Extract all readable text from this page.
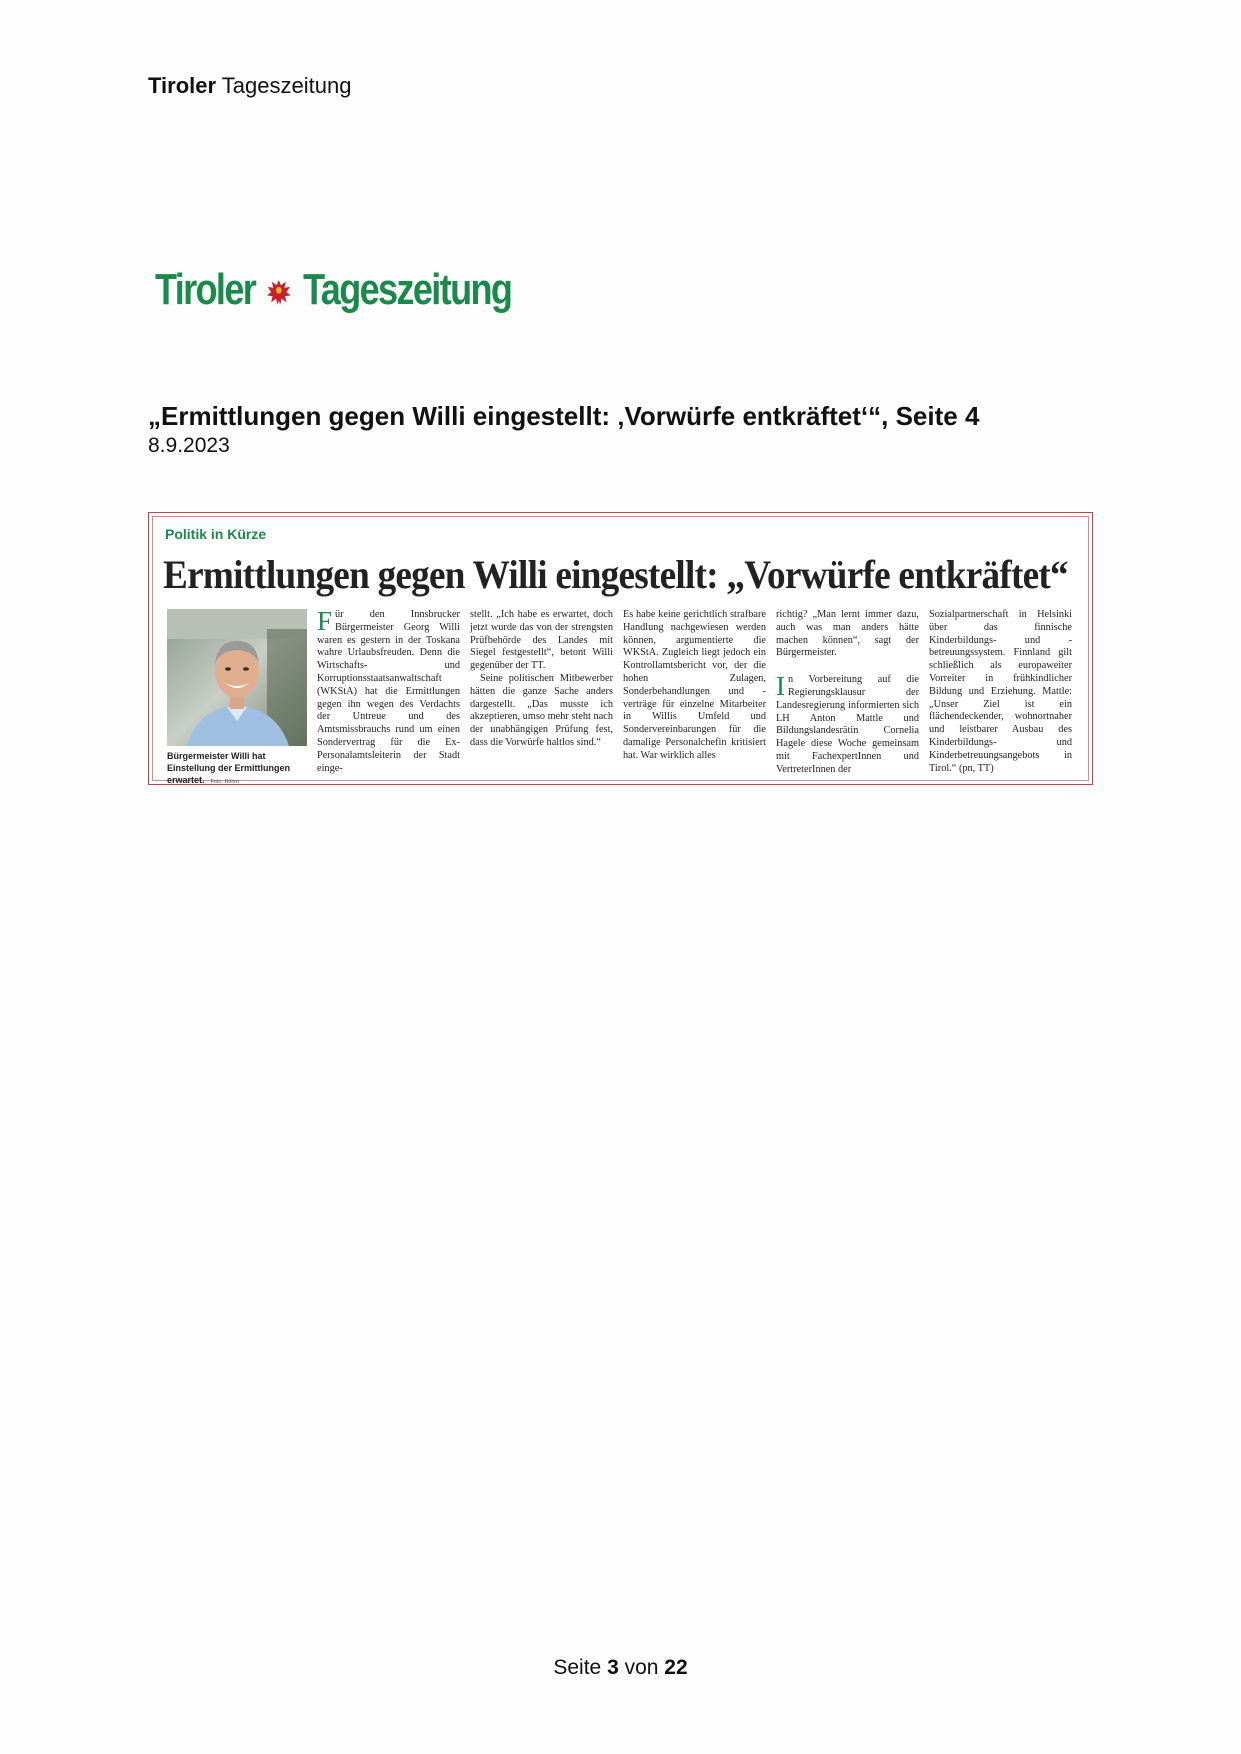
Tiroler Tageszeitung
Tiroler Tageszeitung
„Ermittlungen gegen Willi eingestellt: ‚Vorwürfe entkräftet‘“, Seite 4
8.9.2023
Politik in Kürze
Ermittlungen gegen Willi eingestellt: „Vorwürfe entkräftet“
Bürgermeister Willi hat Einstellung der Ermittlungen erwartet. Foto: Böhm

Für den Innsbrucker Bürgermeister Georg Willi waren es gestern in der Toskana wahre Urlaubsfreuden. Denn die Wirtschafts- und Korruptionsstaatsanwaltschaft (WKStA) hat die Ermittlungen gegen ihn wegen des Verdachts der Untreue und des Amtsmissbrauchs rund um einen Sondervertrag für die Ex-Personalamtsleiterin der Stadt einge-

stellt. „Ich habe es erwartet, doch jetzt wurde das von der strengsten Prüfbehörde des Landes mit Siegel festgestellt“, betont Willi gegenüber der TT.

Seine politischen Mitbewerber hätten die ganze Sache anders dargestellt. „Das musste ich akzeptieren, umso mehr steht nach der unabhängigen Prüfung fest, dass die Vorwürfe haltlos sind.“

Es habe keine gerichtlich strafbare Handlung nachgewiesen werden können, argumentierte die WKStA. Zugleich liegt jedoch ein Kontrollamtsbericht vor, der die hohen Zulagen, Sonderbehandlungen und -verträge für einzelne Mitarbeiter in Willis Umfeld und Sondervereinbarungen für die damalige Personalchefin kritisiert hat. War wirklich alles

richtig? „Man lernt immer dazu, auch was man anders hätte machen können“, sagt der Bürgermeister.

In Vorbereitung auf die Regierungsklausur der Landesregierung informierten sich LH Anton Mattle und Bildungslandesrätin Cornelia Hagele diese Woche gemeinsam mit FachexpertInnen und VertreterInnen der

Sozialpartnerschaft in Helsinki über das finnische Kinderbildungs- und -betreuungssystem. Finnland gilt schließlich als europaweiter Vorreiter in frühkindlicher Bildung und Erziehung. Mattle: „Unser Ziel ist ein flächendeckender, wohnortnaher und leistbarer Ausbau des Kinderbildungs- und Kinderbetreuungsangebots in Tirol.“ (pn, TT)

Seite 3 von 22
